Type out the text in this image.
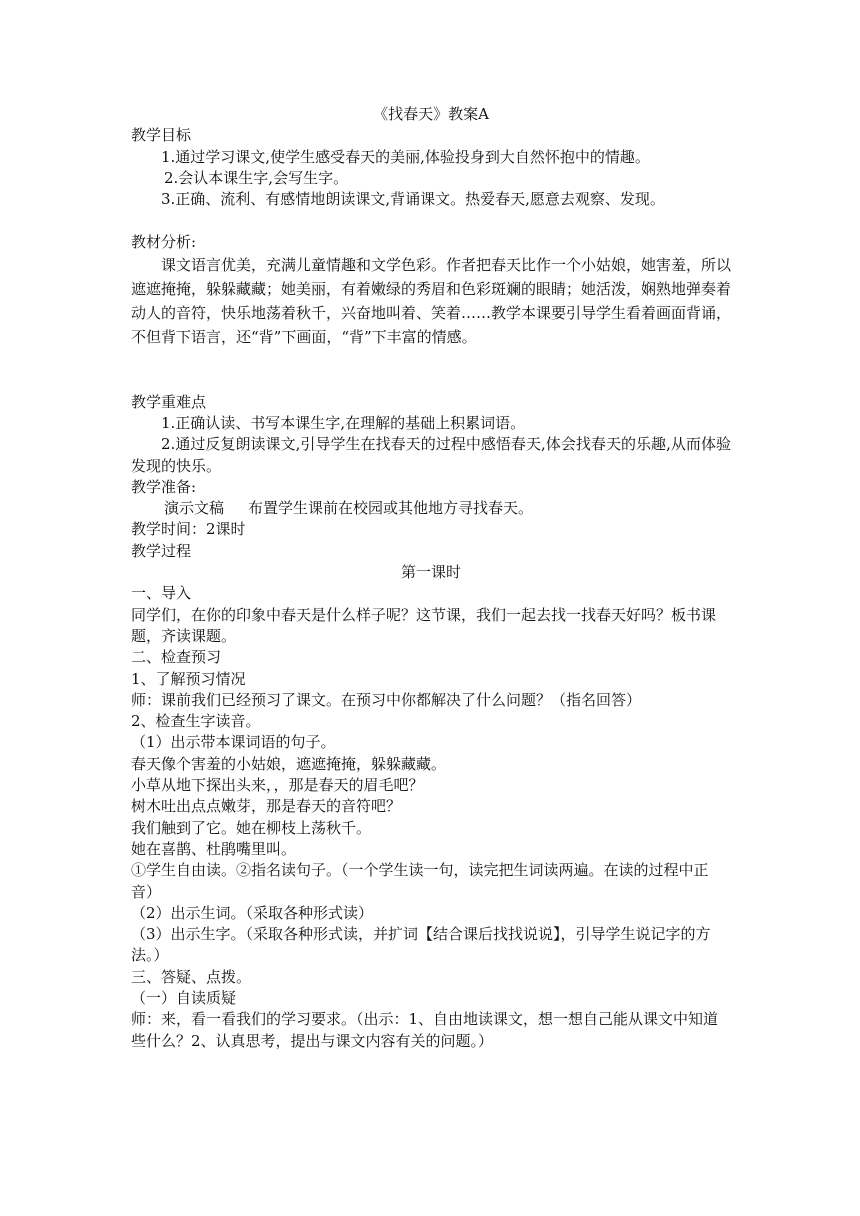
《找春天》教案A
教学目标
1.通过学习课文,使学生感受春天的美丽,体验投身到大自然怀抱中的情趣。
2.会认本课生字,会写生字。
3.正确、流利、有感情地朗读课文,背诵课文。热爱春天,愿意去观察、发现。
教材分析:
课文语言优美，充满儿童情趣和文学色彩。作者把春天比作一个小姑娘，她害羞，所以遮遮掩掩，躲躲藏藏；她美丽，有着嫩绿的秀眉和色彩斑斓的眼睛；她活泼，娴熟地弹奏着动人的音符，快乐地荡着秋千，兴奋地叫着、笑着……教学本课要引导学生看着画面背诵，不但背下语言，还“背”下画面，“背”下丰富的情感。
教学重难点
1.正确认读、书写本课生字,在理解的基础上积累词语。
2.通过反复朗读课文,引导学生在找春天的过程中感悟春天,体会找春天的乐趣,从而体验发现的快乐。
教学准备:
演示文稿 布置学生课前在校园或其他地方寻找春天。
教学时间：2课时
教学过程
第一课时
一、导入
同学们，在你的印象中春天是什么样子呢？这节课，我们一起去找一找春天好吗？板书课题，齐读课题。
二、检查预习
1、了解预习情况
师：课前我们已经预习了课文。在预习中你都解决了什么问题？（指名回答）
2、检查生字读音。
（1）出示带本课词语的句子。
春天像个害羞的小姑娘，遮遮掩掩，躲躲藏藏。
小草从地下探出头来，，那是春天的眉毛吧？
树木吐出点点嫩芽，那是春天的音符吧？
我们触到了它。她在柳枝上荡秋千。
她在喜鹊、杜鹃嘴里叫。
①学生自由读。②指名读句子。（一个学生读一句，读完把生词读两遍。在读的过程中正音）
（2）出示生词。（采取各种形式读）
（3）出示生字。（采取各种形式读，并扩词【结合课后找找说说】，引导学生说记字的方法。）
三、答疑、点拨。
（一）自读质疑
师：来，看一看我们的学习要求。（出示：1、自由地读课文，想一想自己能从课文中知道些什么？2、认真思考，提出与课文内容有关的问题。）
